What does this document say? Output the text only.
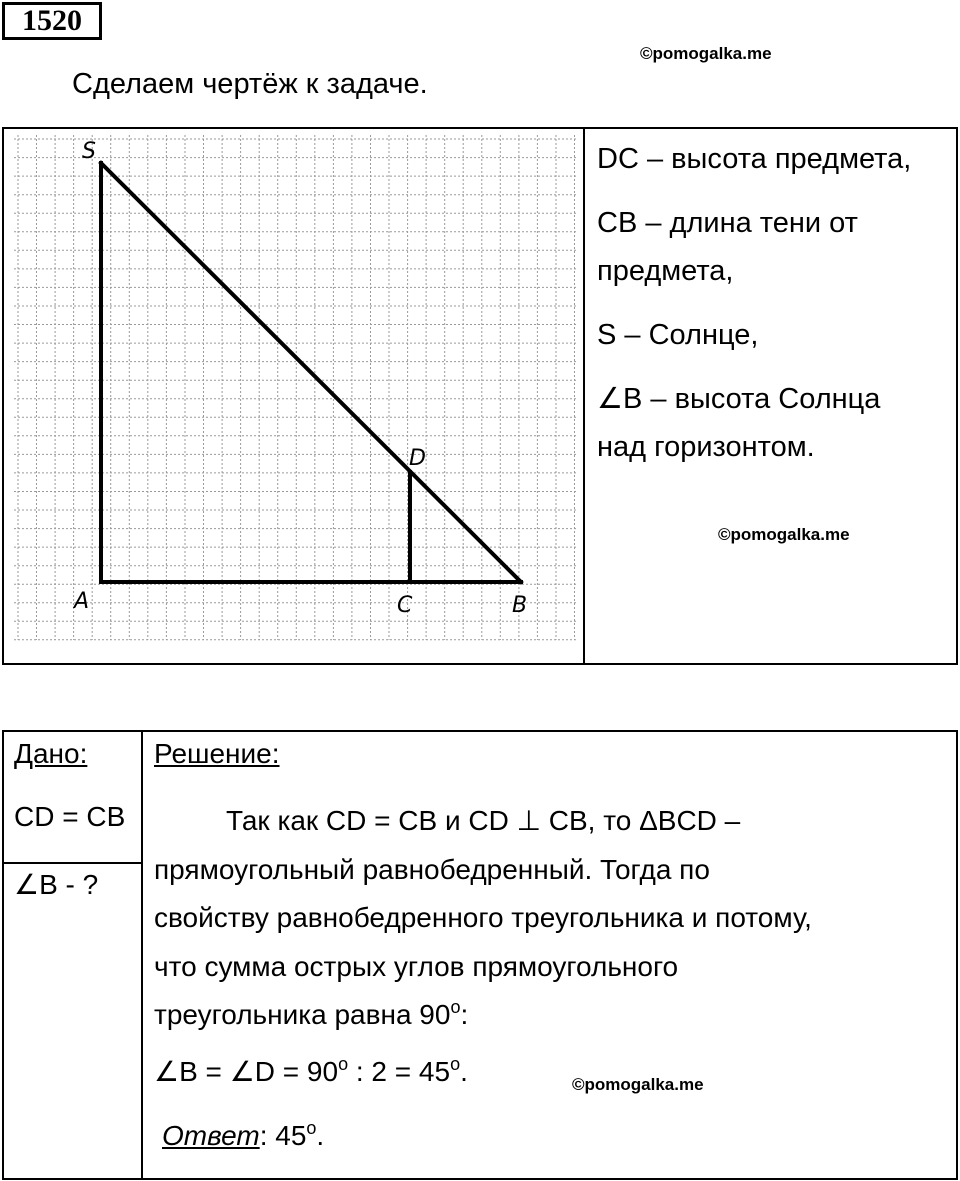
1520
©pomogalka.me
Сделаем чертёж к задаче.
S
A	C	B
D

DC – высота предмета,

CB – длина тени от
предмета,

S – Солнце,

∠B – высота Солнца
над горизонтом.

©pomogalka.me
Дано:
CD = CB
∠B - ?
Решение:
Так как CD = CB и CD ⊥ CB, то ΔBCD –
прямоугольный равнобедренный. Тогда по
свойству равнобедренного треугольника и потому,
что сумма острых углов прямоугольного
треугольника равна 90$^o$:
∠B = ∠D = $90^o$ : $2 = 45^o$.	©pomogalka.me
Ответ: 45$^o$.
